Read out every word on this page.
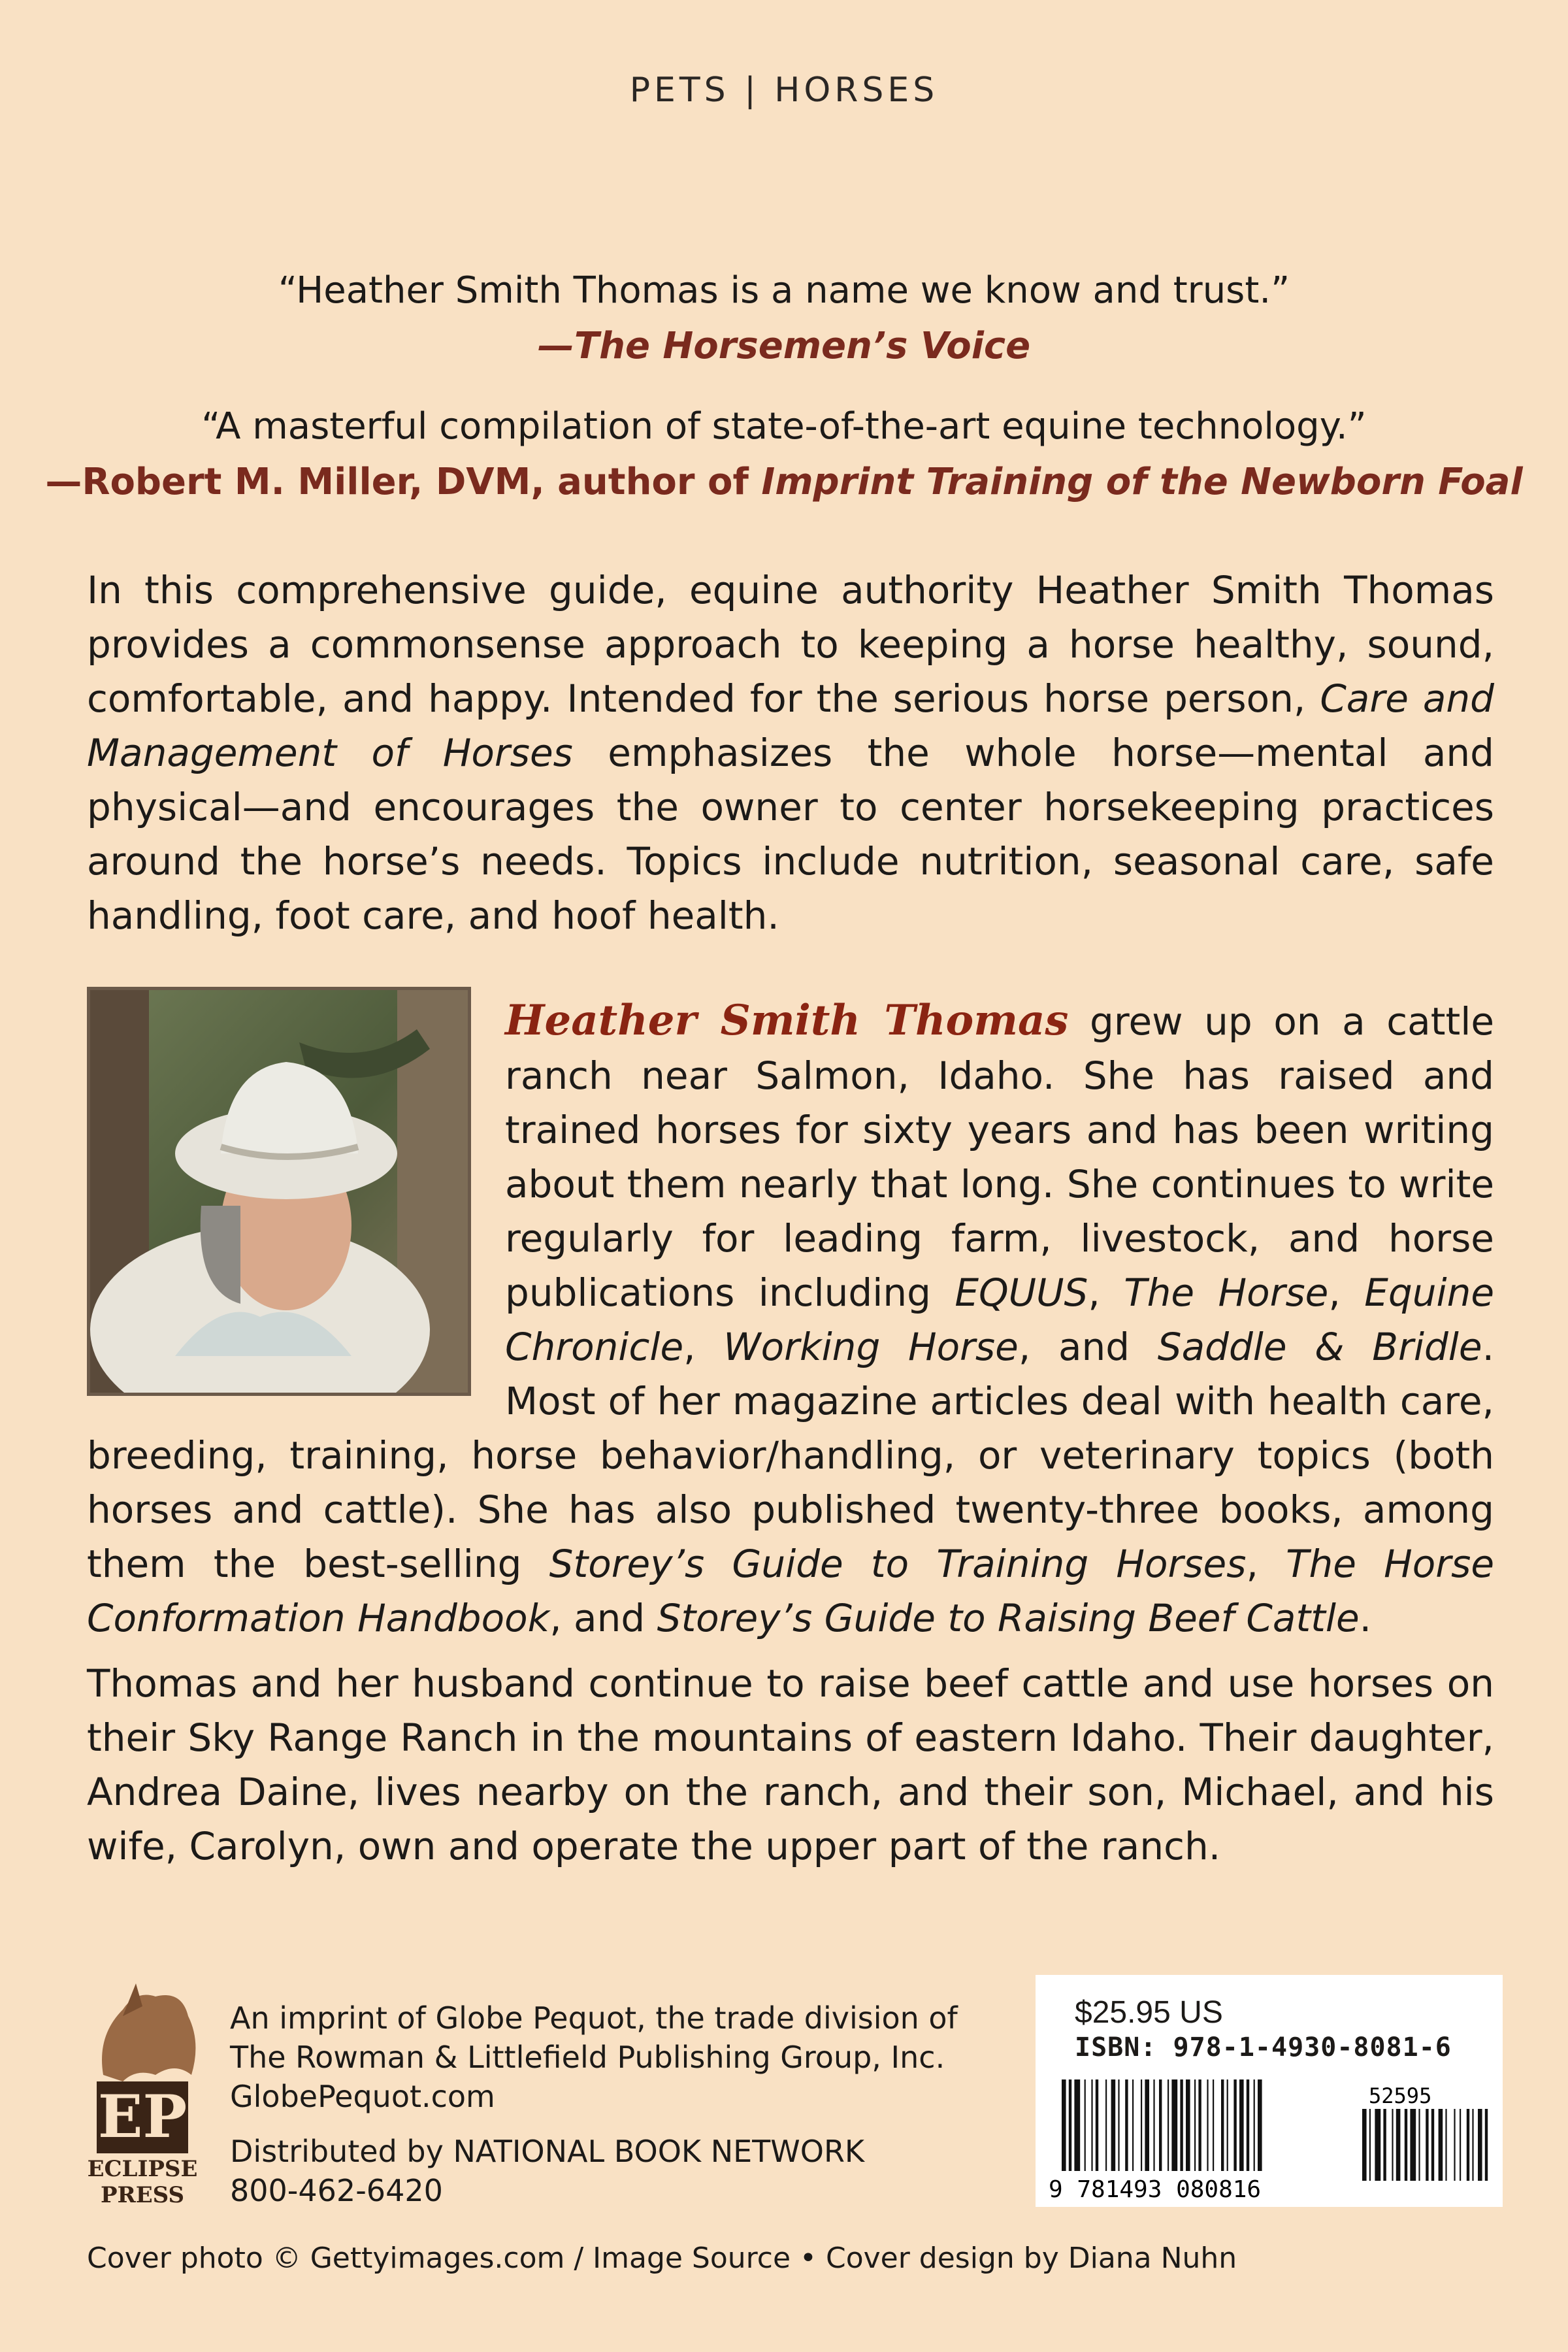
PETS | HORSES
“Heather Smith Thomas is a name we know and trust.”
—The Horsemen’s Voice
“A masterful compilation of state-of-the-art equine technology.”
—Robert M. Miller, DVM, author of Imprint Training of the Newborn Foal
In this comprehensive guide, equine authority Heather Smith Thomas provides a commonsense approach to keeping a horse healthy, sound, comfortable, and happy. Intended for the serious horse person, Care and Management of Horses emphasizes the whole horse—mental and physical—and encourages the owner to center horsekeeping practices around the horse’s needs. Topics include nutrition, seasonal care, safe handling, foot care, and hoof health.
Heather Smith Thomas grew up on a cattle ranch near Salmon, Idaho. She has raised and trained horses for sixty years and has been writing about them nearly that long. She continues to write regularly for leading farm, livestock, and horse publications including EQUUS, The Horse, Equine Chronicle, Working Horse, and Saddle & Bridle. Most of her magazine articles deal with health care, breeding, training, horse behavior/handling, or veterinary topics (both horses and cattle). She has also published twenty-three books, among them the best-selling Storey’s Guide to Training Horses, The Horse Conformation Handbook, and Storey’s Guide to Raising Beef Cattle.
Thomas and her husband continue to raise beef cattle and use horses on their Sky Range Ranch in the mountains of eastern Idaho. Their daughter, Andrea Daine, lives nearby on the ranch, and their son, Michael, and his wife, Carolyn, own and operate the upper part of the ranch.
EP
ECLIPSE
PRESS
An imprint of Globe Pequot, the trade division of
The Rowman & Littlefield Publishing Group, Inc.
GlobePequot.com
Distributed by NATIONAL BOOK NETWORK
800-462-6420
$25.95 US
ISBN: 978-1-4930-8081-6
52595
9 781493 080816
Cover photo © Gettyimages.com / Image Source • Cover design by Diana Nuhn
